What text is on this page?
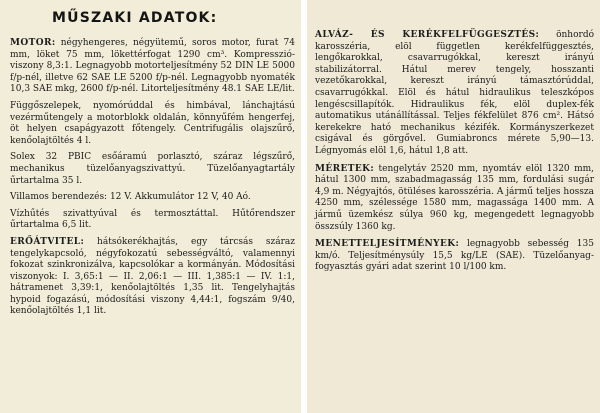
MŰSZAKI ADATOK:

MOTOR: négyhengeres, négyütemű, soros motor, furat 74 mm, löket 75 mm, lökettérfogat 1290 cm³. Kompresszió-viszony 8,3:1. Legnagyobb motorteljesítmény 52 DIN LE 5000 f/p-nél, illetve 62 SAE LE 5200 f/p-nél. Legnagyobb nyomaték 10,3 SAE mkg, 2600 f/p-nél. Litorteljesítmény 48.1 SAE LE/lit.

Függőszelepek, nyomórúddal és himbával, lánchajtású vezérműtengely a motorblokk oldalán, könnyűfém hengerfej, öt helyen csapágyazott főtengely. Centrifugális olajszűrő, kenőolajtöltés 4 l.

Solex 32 PBIC esőáramú porlasztó, száraz légszűrő, mechanikus tüzelőanyagszivattyú. Tüzelőanyagtartály űrtartalma 35 l.

Villamos berendezés: 12 V. Akkumulátor 12 V, 40 Aó.

Vízhűtés szivattyúval és termosztáttal. Hűtőrendszer űrtartalma 6,5 lit.

ERŐÁTVITEL: hátsókerékhajtás, egy tárcsás száraz tengelykapcsoló, négyfokozatú sebességváltó, valamennyi fokozat szinkronizálva, kapcsolókar a kormányán. Módosítási viszonyok: I. 3,65:1 — II. 2,06:1 — III. 1,385:1 — IV. 1:1, hátramenet 3,39:1, kenőolajtöltés 1,35 lit. Tengelyhajtás hypoid fogazású, módosítási viszony 4,44:1, fogszám 9/40, kenőolajtöltés 1,1 lit.

ALVÁZ- ÉS KERÉKFELFÜGGESZTÉS: önhordó karosszéria, elöl független kerékfelfüggesztés, lengőkarokkal, csavarrugókkal, kereszt irányú stabilizátorral. Hátul merev tengely, hosszanti vezetőkarokkal, kereszt irányú támasztórúddal, csavarrugókkal. Elöl és hátul hidraulikus teleszkópos lengéscsillapítók. Hidraulikus fék, elöl duplex-fék automatikus utánállítással. Teljes fékfelület 876 cm². Hátsó kerekekre ható mechanikus kézifék. Kormányszerkezet csigával és görgővel. Gumiabroncs mérete 5,90—13. Légnyomás elöl 1,6, hátul 1,8 att.

MÉRETEK: tengelytáv 2520 mm, nyomtáv elöl 1320 mm, hátul 1300 mm, szabadmagasság 135 mm, fordulási sugár 4,9 m. Négyajtós, ötüléses karosszéria. A jármű teljes hossza 4250 mm, szélessége 1580 mm, magassága 1400 mm. A jármű üzemkész súlya 960 kg, megengedett legnagyobb összsúly 1360 kg.

MENETTELJESÍTMÉNYEK: legnagyobb sebesség 135 km/ó. Teljesítménysúly 15,5 kg/LE (SAE). Tüzelőanyag-fogyasztás gyári adat szerint 10 l/100 km.
